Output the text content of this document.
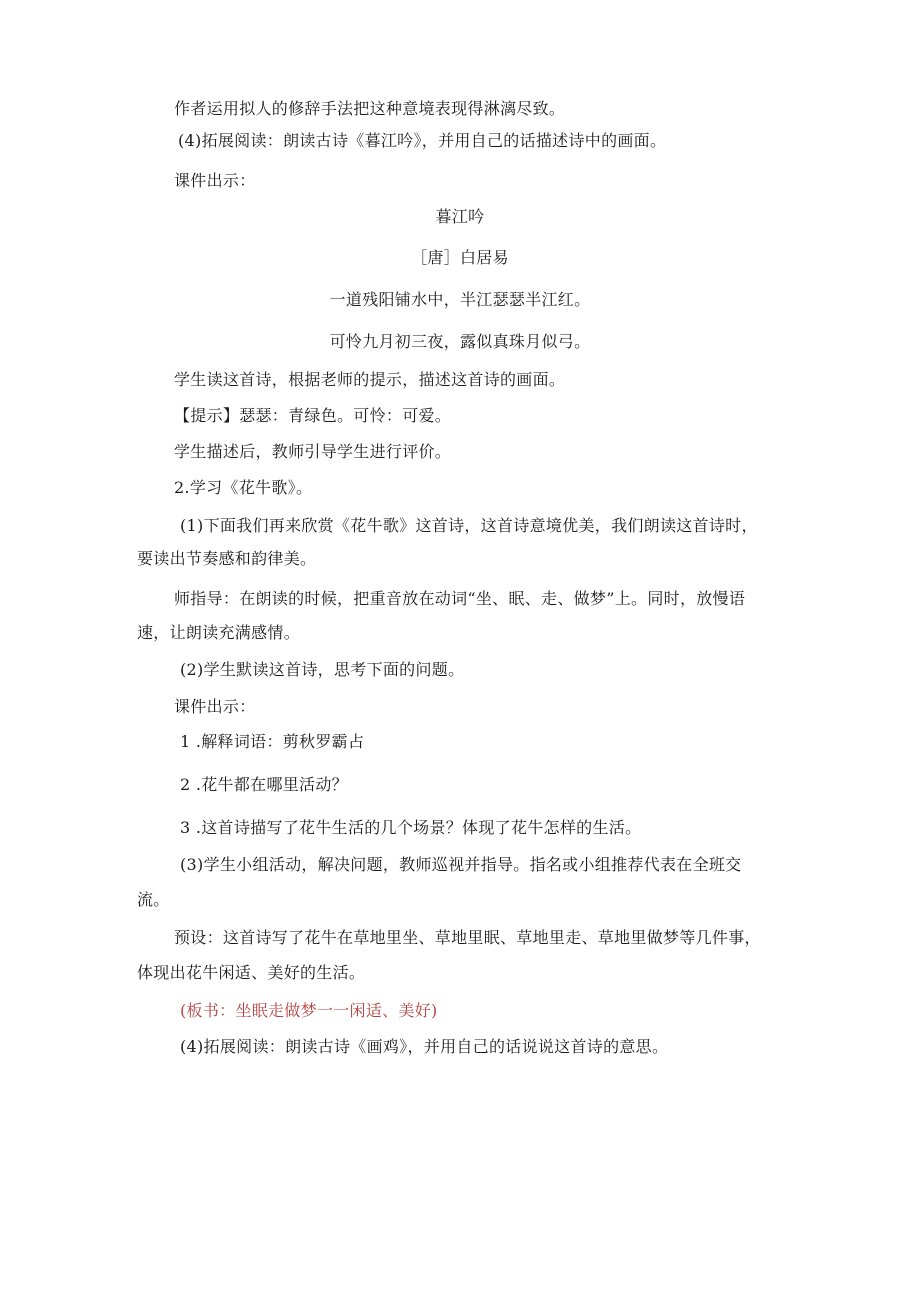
作者运用拟人的修辞手法把这种意境表现得淋漓尽致。
(4)拓展阅读：朗读古诗《暮江吟》，并用自己的话描述诗中的画面。
课件出示：
暮江吟
［唐］白居易
一道残阳铺水中，半江瑟瑟半江红。
可怜九月初三夜，露似真珠月似弓。
学生读这首诗，根据老师的提示，描述这首诗的画面。
【提示】瑟瑟：青绿色。可怜：可爱。
学生描述后，教师引导学生进行评价。
2.学习《花牛歌》。
(1)下面我们再来欣赏《花牛歌》这首诗，这首诗意境优美，我们朗读这首诗时，
要读出节奏感和韵律美。
师指导：在朗读的时候，把重音放在动词“坐、眠、走、做梦”上。同时，放慢语
速，让朗读充满感情。
(2)学生默读这首诗，思考下面的问题。
课件出示：
1 .解释词语：剪秋罗霸占
2 .花牛都在哪里活动？
3 .这首诗描写了花牛生活的几个场景？体现了花牛怎样的生活。
(3)学生小组活动，解决问题，教师巡视并指导。指名或小组推荐代表在全班交
流。
预设：这首诗写了花牛在草地里坐、草地里眠、草地里走、草地里做梦等几件事，
体现出花牛闲适、美好的生活。
(板书：坐眠走做梦一一闲适、美好)
(4)拓展阅读：朗读古诗《画鸡》，并用自己的话说说这首诗的意思。
